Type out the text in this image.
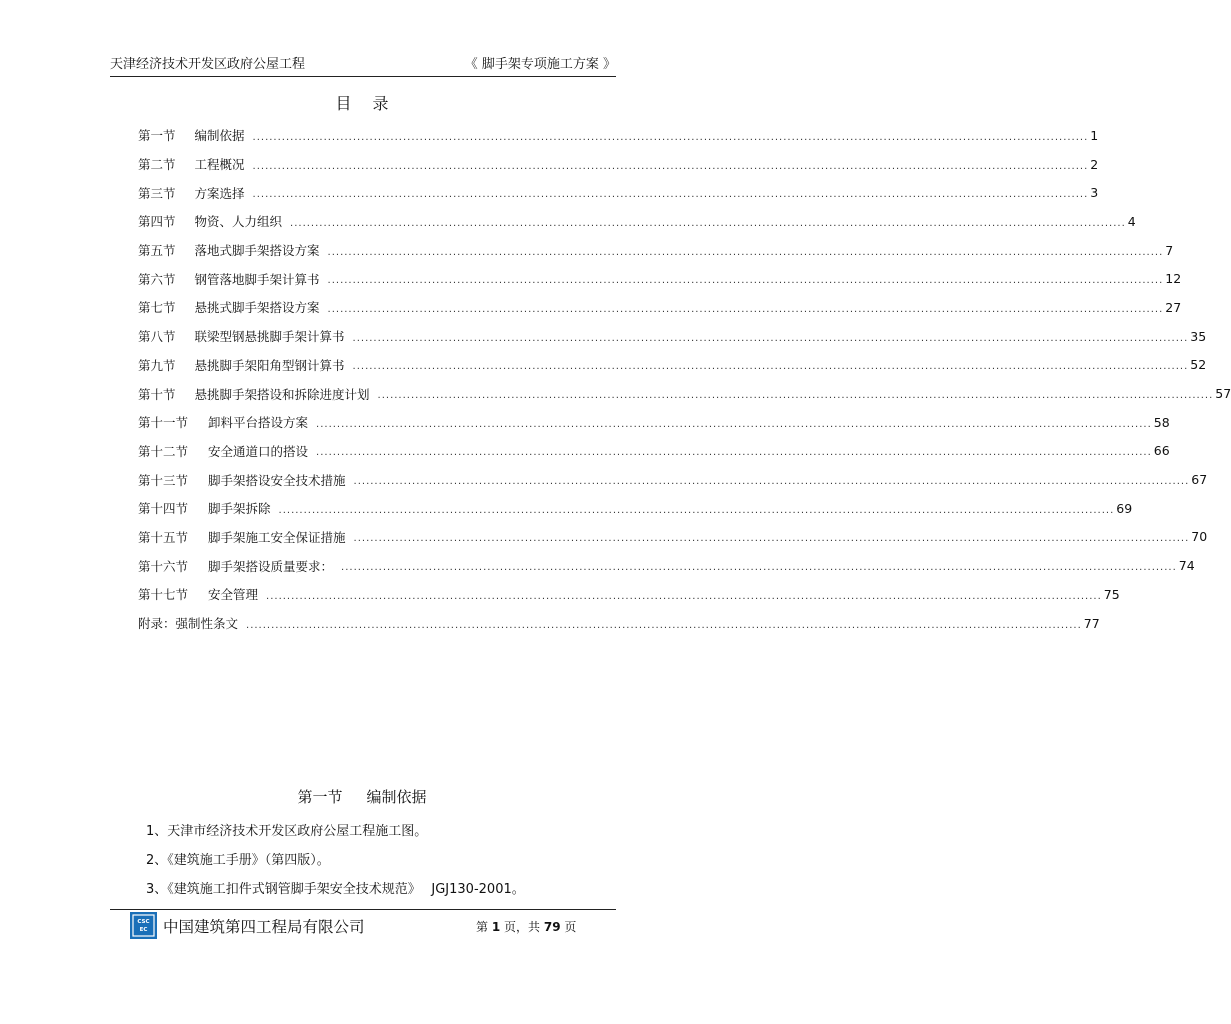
天津经济技术开发区政府公屋工程	《 脚手架专项施工方案 》
目 录
第一节 编制依据 ........................................................................................................................................................................................................ 1
第二节 工程概况 ........................................................................................................................................................................................................ 2
第三节 方案选择 ........................................................................................................................................................................................................ 3
第四节 物资、人力组织 ........................................................................................................................................................................................................ 4
第五节 落地式脚手架搭设方案 ........................................................................................................................................................................................................ 7
第六节 钢管落地脚手架计算书 ........................................................................................................................................................................................................ 12
第七节 悬挑式脚手架搭设方案 ........................................................................................................................................................................................................ 27
第八节 联梁型钢悬挑脚手架计算书 ........................................................................................................................................................................................................ 35
第九节 悬挑脚手架阳角型钢计算书 ........................................................................................................................................................................................................ 52
第十节 悬挑脚手架搭设和拆除进度计划 ........................................................................................................................................................................................................ 57
第十一节 卸料平台搭设方案 ........................................................................................................................................................................................................ 58
第十二节 安全通道口的搭设 ........................................................................................................................................................................................................ 66
第十三节 脚手架搭设安全技术措施 ........................................................................................................................................................................................................ 67
第十四节 脚手架拆除 ........................................................................................................................................................................................................ 69
第十五节 脚手架施工安全保证措施 ........................................................................................................................................................................................................ 70
第十六节 脚手架搭设质量要求： ........................................................................................................................................................................................................ 74
第十七节 安全管理 ........................................................................................................................................................................................................ 75
附录：强制性条文 ........................................................................................................................................................................................................ 77
第一节 编制依据
1、天津市经济技术开发区政府公屋工程施工图。
2、《建筑施工手册》（第四版）。
3、《建筑施工扣件式钢管脚手架安全技术规范》　 JGJ130-2001。
CSC
EC 中国建筑第四工程局有限公司	第 1 页，共 79 页
